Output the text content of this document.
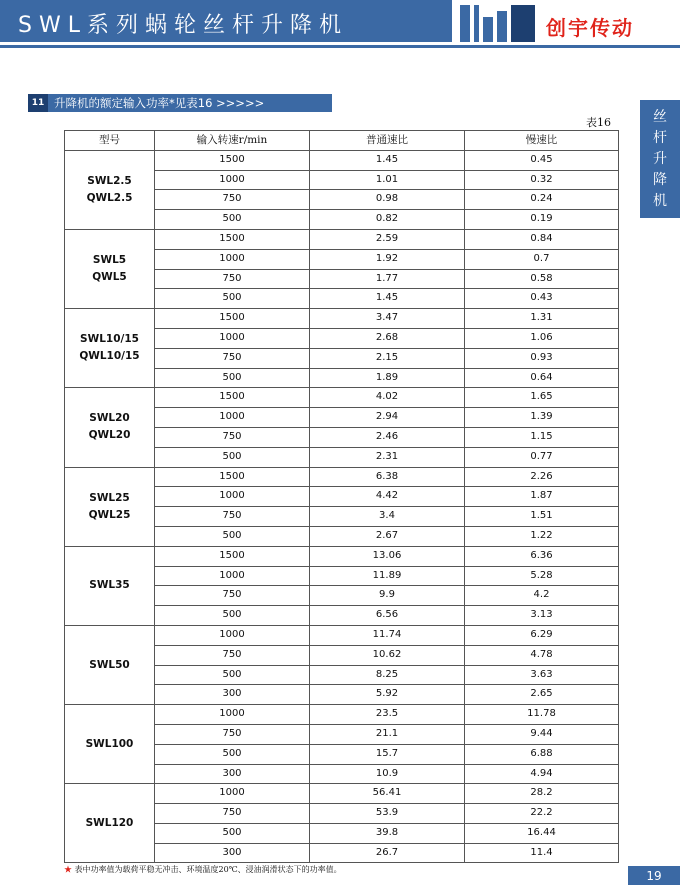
SWL系列蜗轮丝杆升降机	创宇传动
丝
杆
升
降
机
11 升降机的额定输入功率*见表16 >>>>>
表16
型号	输入转速r/min	普通速比	慢速比

SWL2.5
QWL2.5	1500	1.45	0.45
	1000	1.01	0.32
	750	0.98	0.24
	500	0.82	0.19

SWL5
QWL5	1500	2.59	0.84
	1000	1.92	0.7
	750	1.77	0.58
	500	1.45	0.43

SWL10/15
QWL10/15	1500	3.47	1.31
	1000	2.68	1.06
	750	2.15	0.93
	500	1.89	0.64

SWL20
QWL20	1500	4.02	1.65
	1000	2.94	1.39
	750	2.46	1.15
	500	2.31	0.77

SWL25
QWL25	1500	6.38	2.26
	1000	4.42	1.87
	750	3.4	1.51
	500	2.67	1.22

SWL35	1500	13.06	6.36
	1000	11.89	5.28
	750	9.9	4.2
	500	6.56	3.13

SWL50	1000	11.74	6.29
	750	10.62	4.78
	500	8.25	3.63
	300	5.92	2.65

SWL100	1000	23.5	11.78
	750	21.1	9.44
	500	15.7	6.88
	300	10.9	4.94

SWL120	1000	56.41	28.2
	750	53.9	22.2
	500	39.8	16.44
	300	26.7	11.4
★ 表中功率值为载荷平稳无冲击、环境温度20℃、浸油润滑状态下的功率值。	19
